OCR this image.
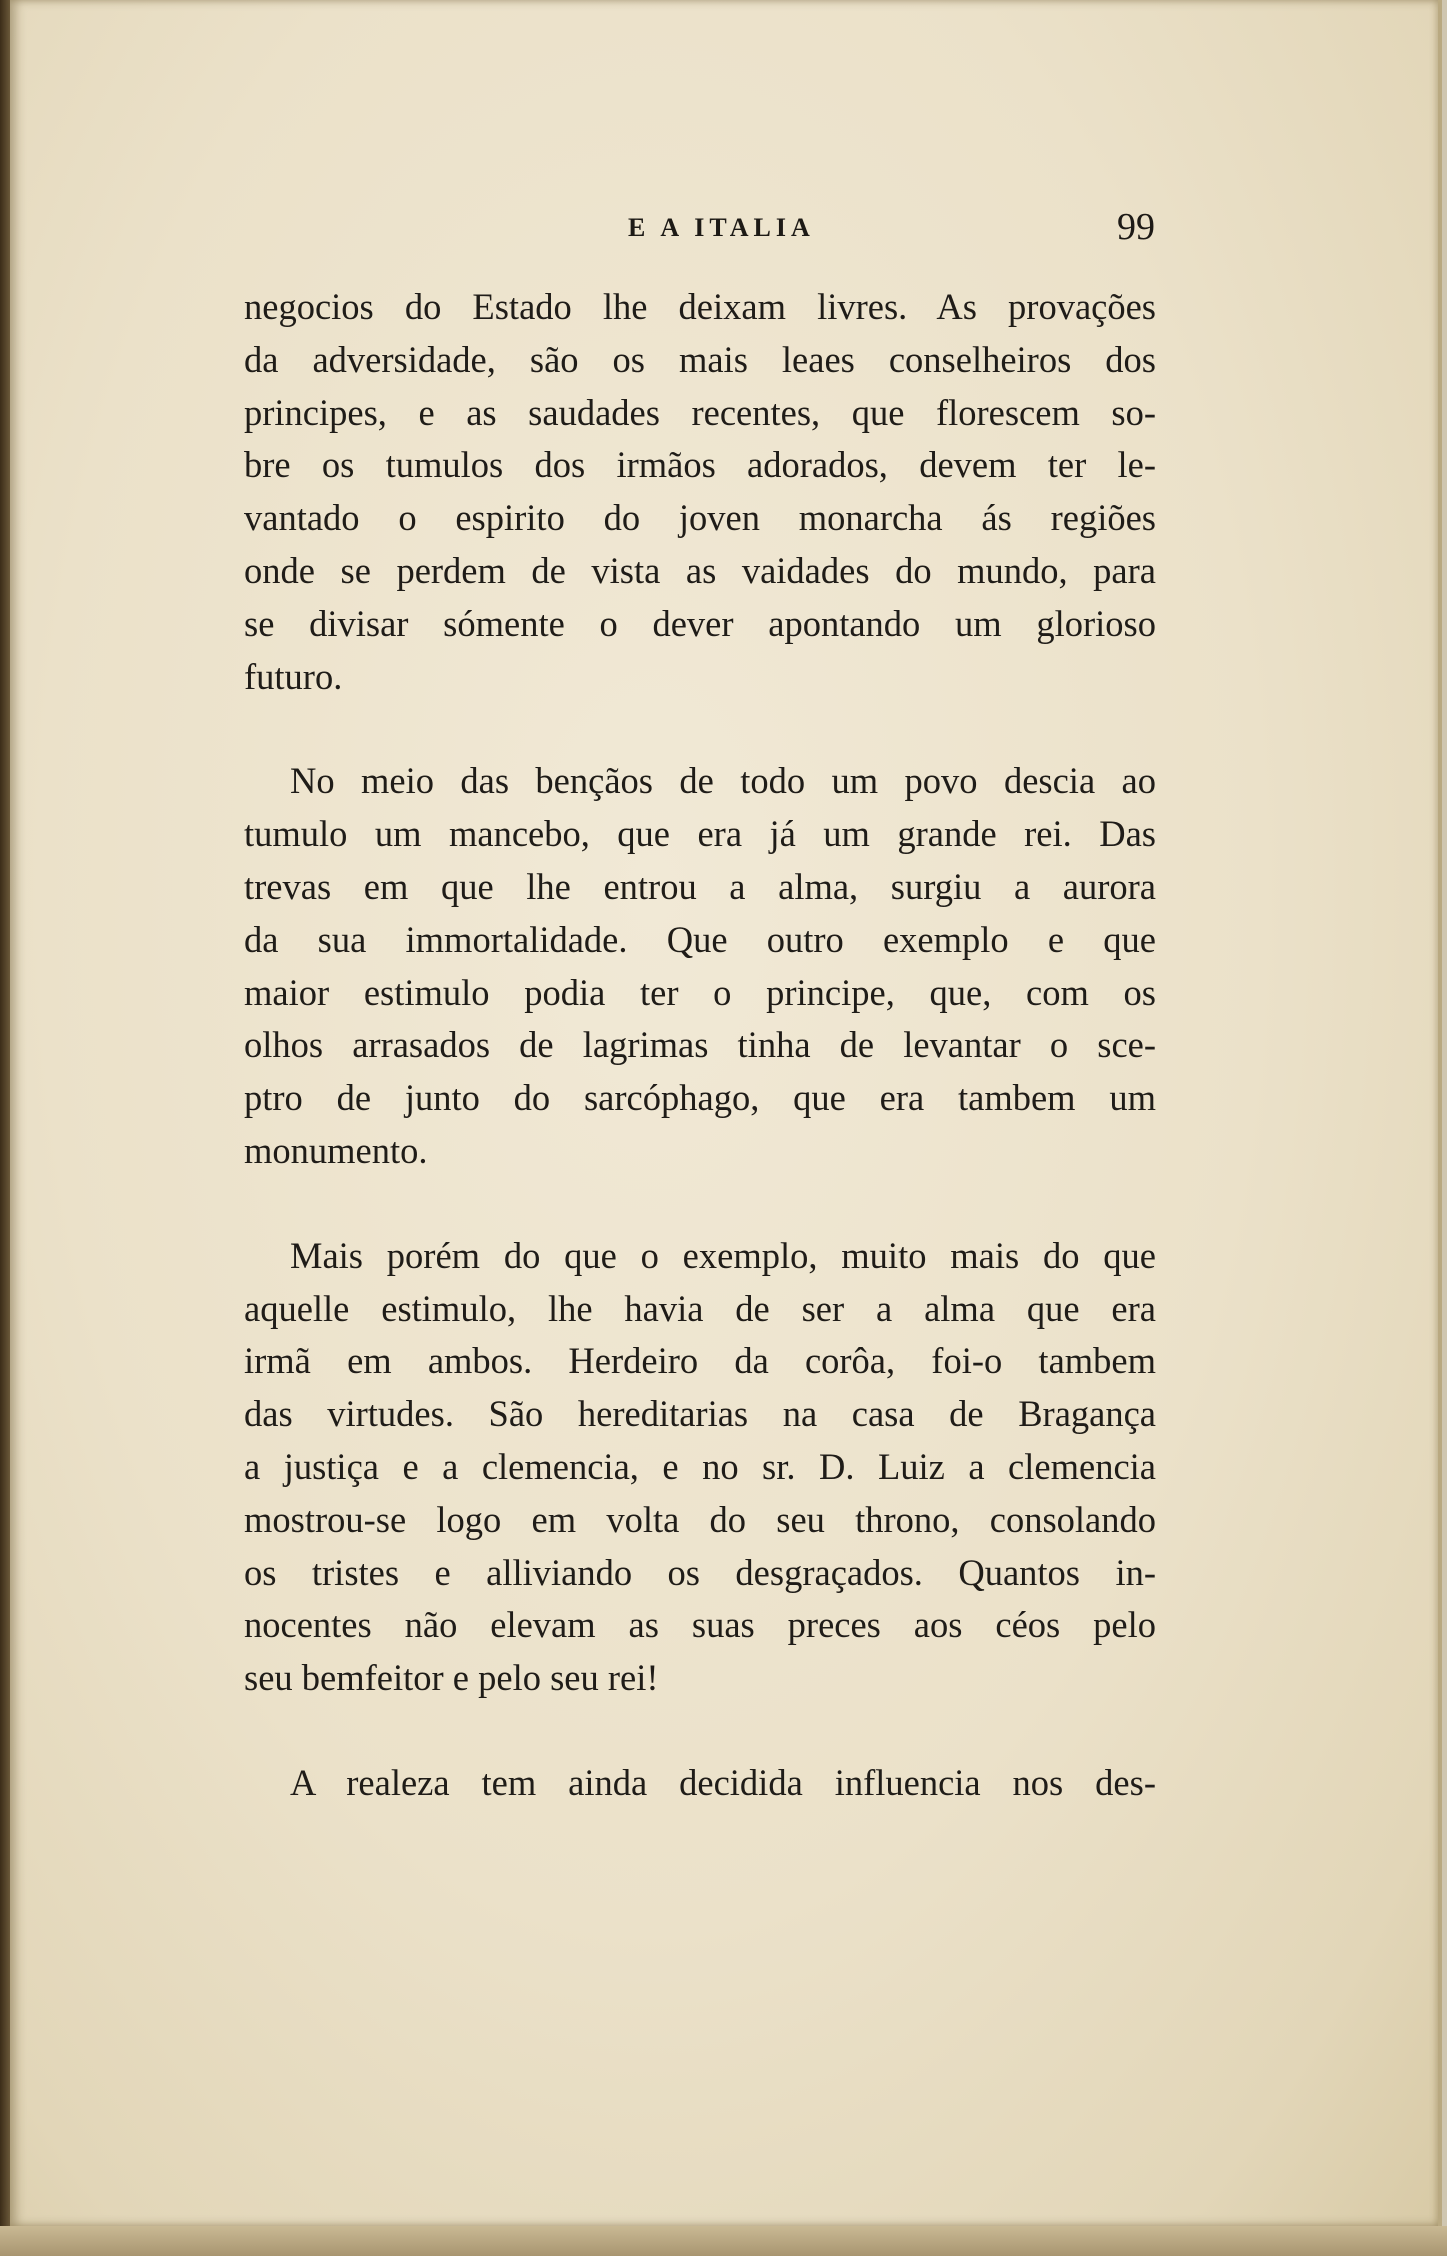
E A ITALIA	99
negocios do Estado lhe deixam livres. As provações
da adversidade, são os mais leaes conselheiros dos
principes, e as saudades recentes, que florescem so-
bre os tumulos dos irmãos adorados, devem ter le-
vantado o espirito do joven monarcha ás regiões
onde se perdem de vista as vaidades do mundo, para
se divisar sómente o dever apontando um glorioso
futuro.
No meio das bençãos de todo um povo descia ao
tumulo um mancebo, que era já um grande rei. Das
trevas em que lhe entrou a alma, surgiu a aurora
da sua immortalidade. Que outro exemplo e que
maior estimulo podia ter o principe, que, com os
olhos arrasados de lagrimas tinha de levantar o sce-
ptro de junto do sarcóphago, que era tambem um
monumento.
Mais porém do que o exemplo, muito mais do que
aquelle estimulo, lhe havia de ser a alma que era
irmã em ambos. Herdeiro da corôa, foi-o tambem
das virtudes. São hereditarias na casa de Bragança
a justiça e a clemencia, e no sr. D. Luiz a clemencia
mostrou-se logo em volta do seu throno, consolando
os tristes e alliviando os desgraçados. Quantos in-
nocentes não elevam as suas preces aos céos pelo
seu bemfeitor e pelo seu rei!
A realeza tem ainda decidida influencia nos des-
